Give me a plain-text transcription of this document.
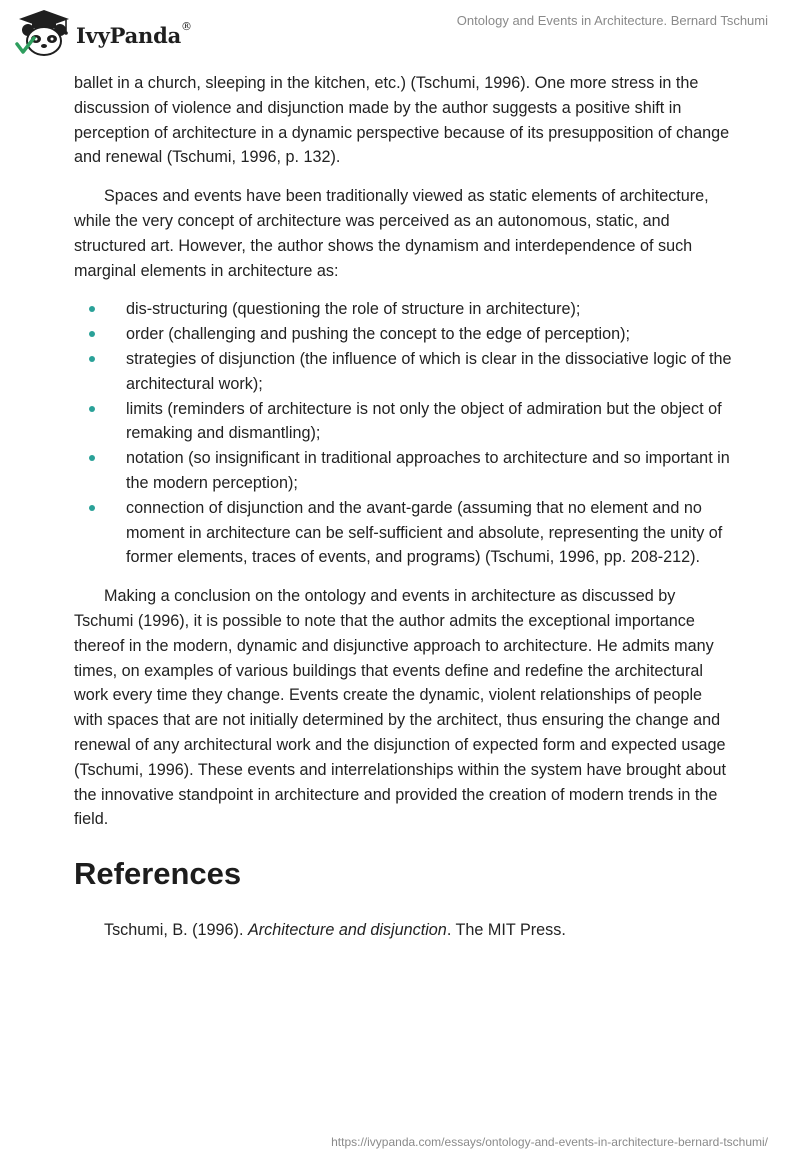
IvyPanda®	Ontology and Events in Architecture. Bernard Tschumi

ballet in a church, sleeping in the kitchen, etc.) (Tschumi, 1996). One more stress in the discussion of violence and disjunction made by the author suggests a positive shift in perception of architecture in a dynamic perspective because of its presupposition of change and renewal (Tschumi, 1996, p. 132).

Spaces and events have been traditionally viewed as static elements of architecture, while the very concept of architecture was perceived as an autonomous, static, and structured art. However, the author shows the dynamism and interdependence of such marginal elements in architecture as:

dis-structuring (questioning the role of structure in architecture);
order (challenging and pushing the concept to the edge of perception);
strategies of disjunction (the influence of which is clear in the dissociative logic of the architectural work);
limits (reminders of architecture is not only the object of admiration but the object of remaking and dismantling);
notation (so insignificant in traditional approaches to architecture and so important in the modern perception);
connection of disjunction and the avant-garde (assuming that no element and no moment in architecture can be self-sufficient and absolute, representing the unity of former elements, traces of events, and programs) (Tschumi, 1996, pp. 208-212).

Making a conclusion on the ontology and events in architecture as discussed by Tschumi (1996), it is possible to note that the author admits the exceptional importance thereof in the modern, dynamic and disjunctive approach to architecture. He admits many times, on examples of various buildings that events define and redefine the architectural work every time they change. Events create the dynamic, violent relationships of people with spaces that are not initially determined by the architect, thus ensuring the change and renewal of any architectural work and the disjunction of expected form and expected usage (Tschumi, 1996). These events and interrelationships within the system have brought about the innovative standpoint in architecture and provided the creation of modern trends in the field.

References

Tschumi, B. (1996). Architecture and disjunction. The MIT Press.

https://ivypanda.com/essays/ontology-and-events-in-architecture-bernard-tschumi/
